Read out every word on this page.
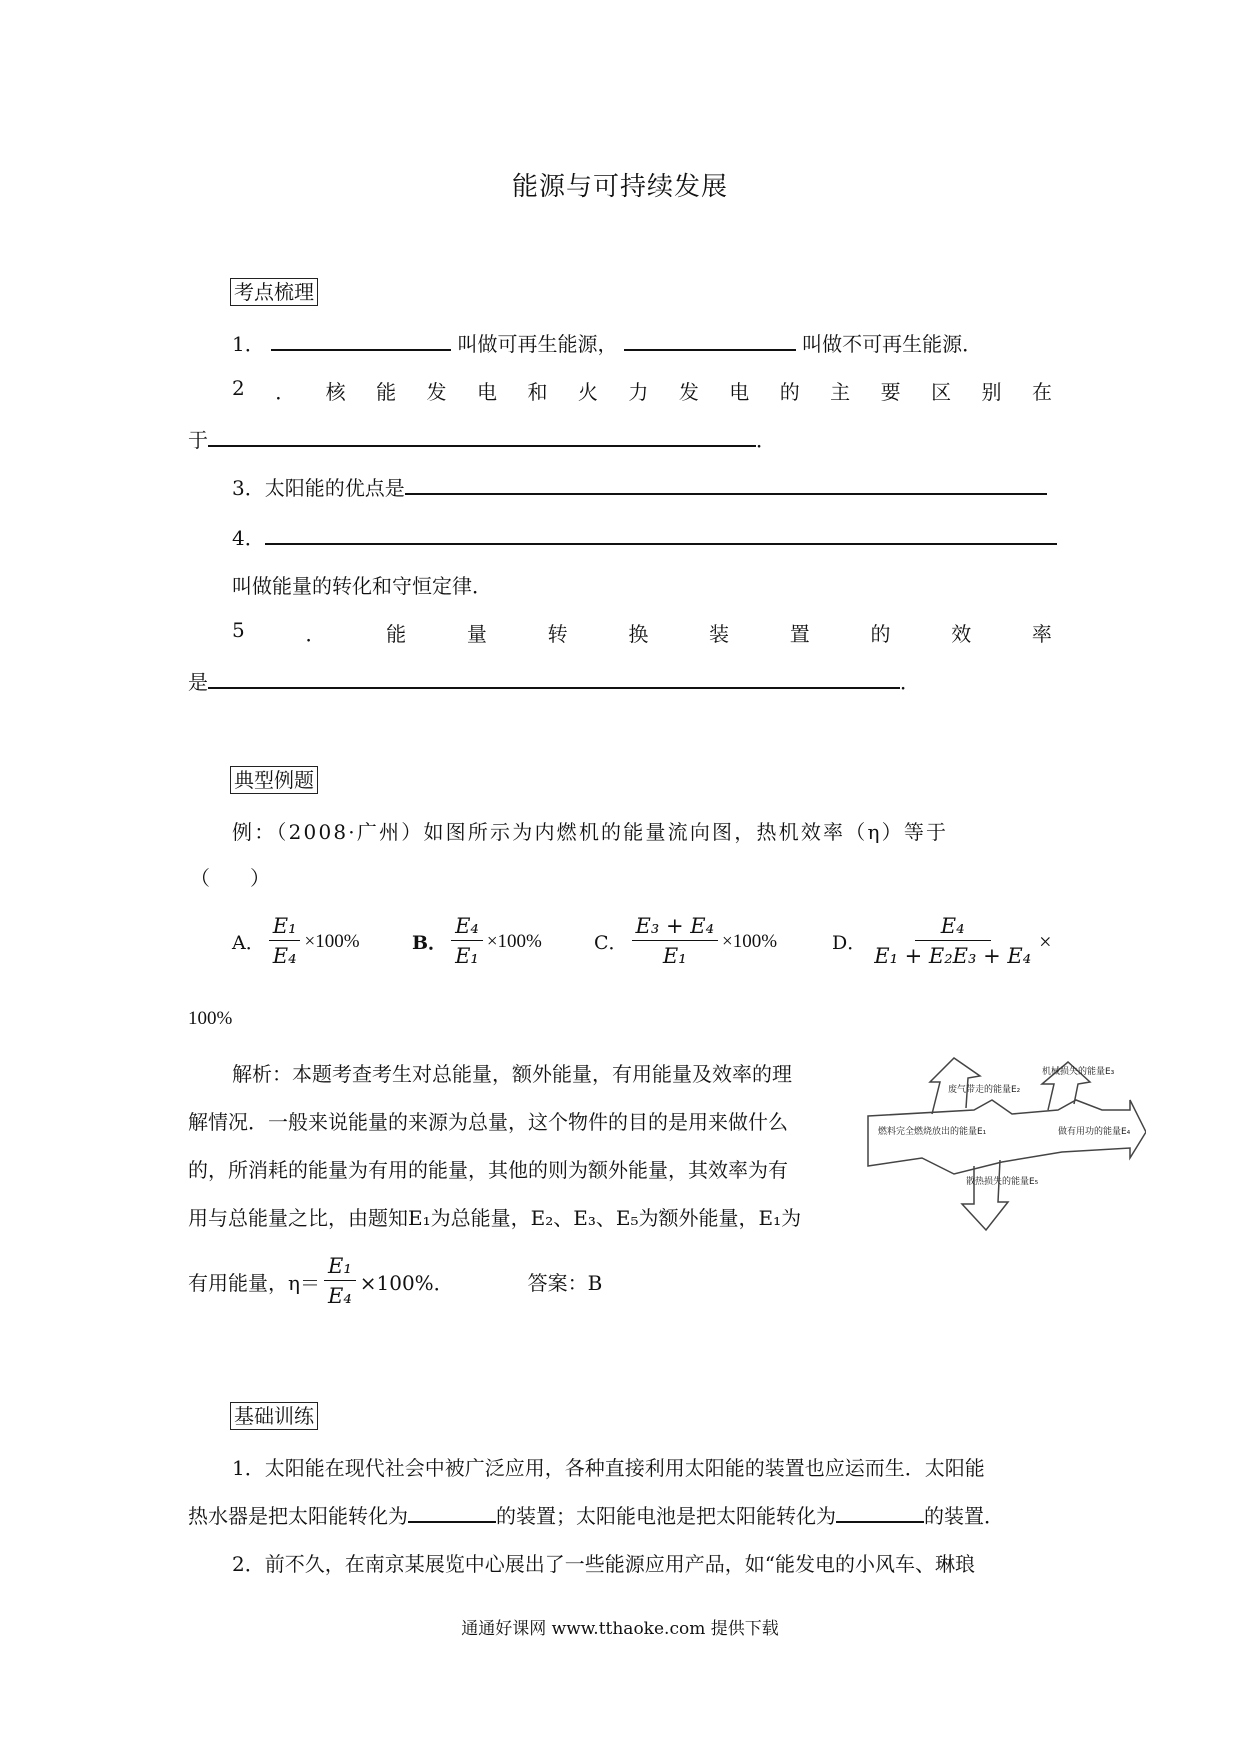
能源与可持续发展
考点梳理
1．	叫做可再生能源，	叫做不可再生能源．
2 ． 核 能 发 电 和 火 力 发 电 的 主 要 区 别 在
于	．
3．太阳能的优点是
4．
叫做能量的转化和守恒定律．
5	．	能	量	转	换	装	置	的	效	率
是	．
典型例题
例：（2008·广州）如图所示为内燃机的能量流向图，热机效率（η）等于
（　　）
A． $\frac{\text{E₁}}{\text{E₄}} \times 100\%$	B． $\frac{\text{E₄}}{\text{E₁}} \times 100\%$	C． $\frac{\text{E₃ + E₄}}{\text{E₁}} \times 100\%$	D． $\frac{\text{E₄}}{\text{E₁ + E₂E₃ + E₄}}$ ×
100%
解析：本题考查考生对总能量，额外能量，有用能量及效率的理
解情况．一般来说能量的来源为总量，这个物件的目的是用来做什么
的，所消耗的能量为有用的能量，其他的则为额外能量，其效率为有
用与总能量之比，由题知E₁为总能量，E₂、E₃、E₅为额外能量，E₁为
有用能量，$\eta= \frac{\text{E₁}}{\text{E₄}} \times 100\%$．	答案：B
燃料完全燃烧放出的能量E₁
废气带走的能量E₂
机械损失的能量E₃
做有用功的能量E₄
散热损失的能量E₅
基础训练
1．太阳能在现代社会中被广泛应用，各种直接利用太阳能的装置也应运而生．太阳能
热水器是把太阳能转化为	的装置；太阳能电池是把太阳能转化为	的装置．
2．前不久，在南京某展览中心展出了一些能源应用产品，如“能发电的小风车、琳琅
通通好课网 www.tthaoke.com 提供下载
